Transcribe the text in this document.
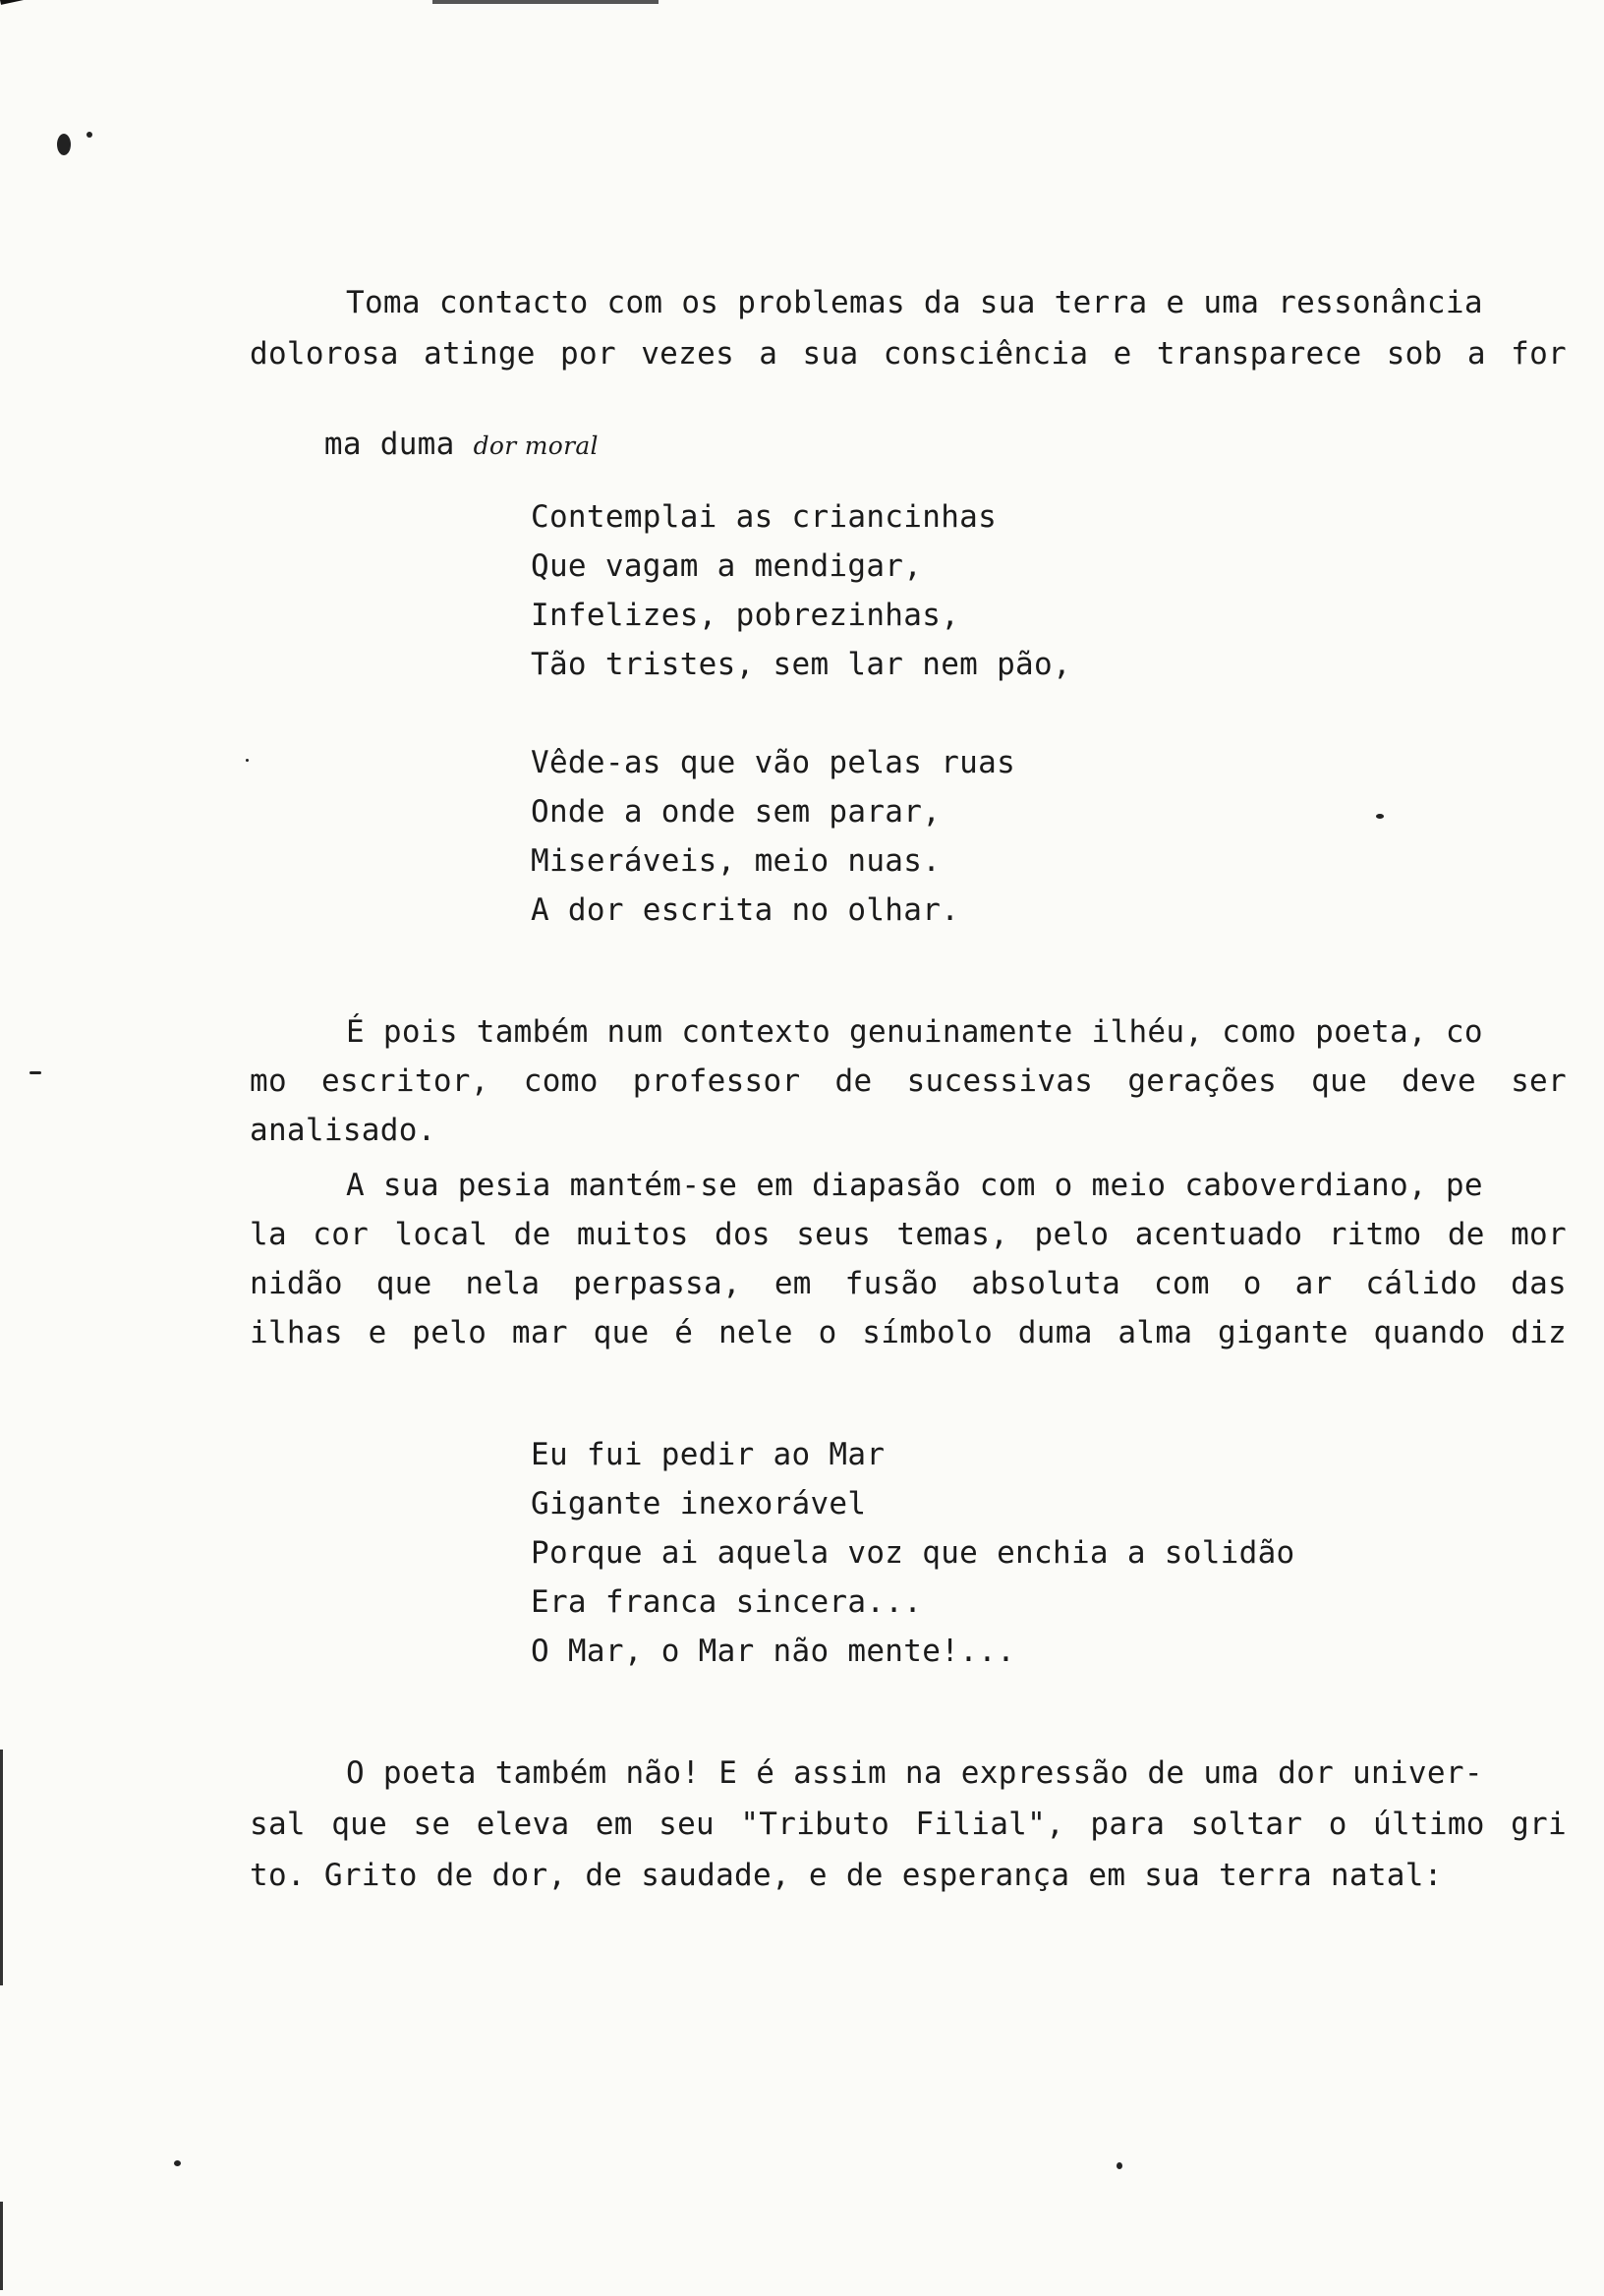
Toma contacto com os problemas da sua terra e uma ressonância
dolorosa atinge por vezes a sua consciência e transparece sob a for

ma duma dor moral

Contemplai as criancinhas
Que vagam a mendigar,
Infelizes, pobrezinhas,
Tão tristes, sem lar nem pão,
Vêde-as que vão pelas ruas
Onde a onde sem parar,
Miseráveis, meio nuas.
A dor escrita no olhar.
É pois também num contexto genuinamente ilhéu, como poeta, co
mo escritor, como professor de sucessivas gerações que deve ser
analisado.
A sua pesia mantém-se em diapasão com o meio caboverdiano, pe
la cor local de muitos dos seus temas, pelo acentuado ritmo de mor
nidão que nela perpassa, em fusão absoluta com o ar cálido das
ilhas e pelo mar que é nele o símbolo duma alma gigante quando diz
Eu fui pedir ao Mar
Gigante inexorável
Porque ai aquela voz que enchia a solidão
Era franca sincera...
O Mar, o Mar não mente!...
O poeta também não! E é assim na expressão de uma dor univer-
sal que se eleva em seu "Tributo Filial", para soltar o último gri
to. Grito de dor, de saudade, e de esperança em sua terra natal:
